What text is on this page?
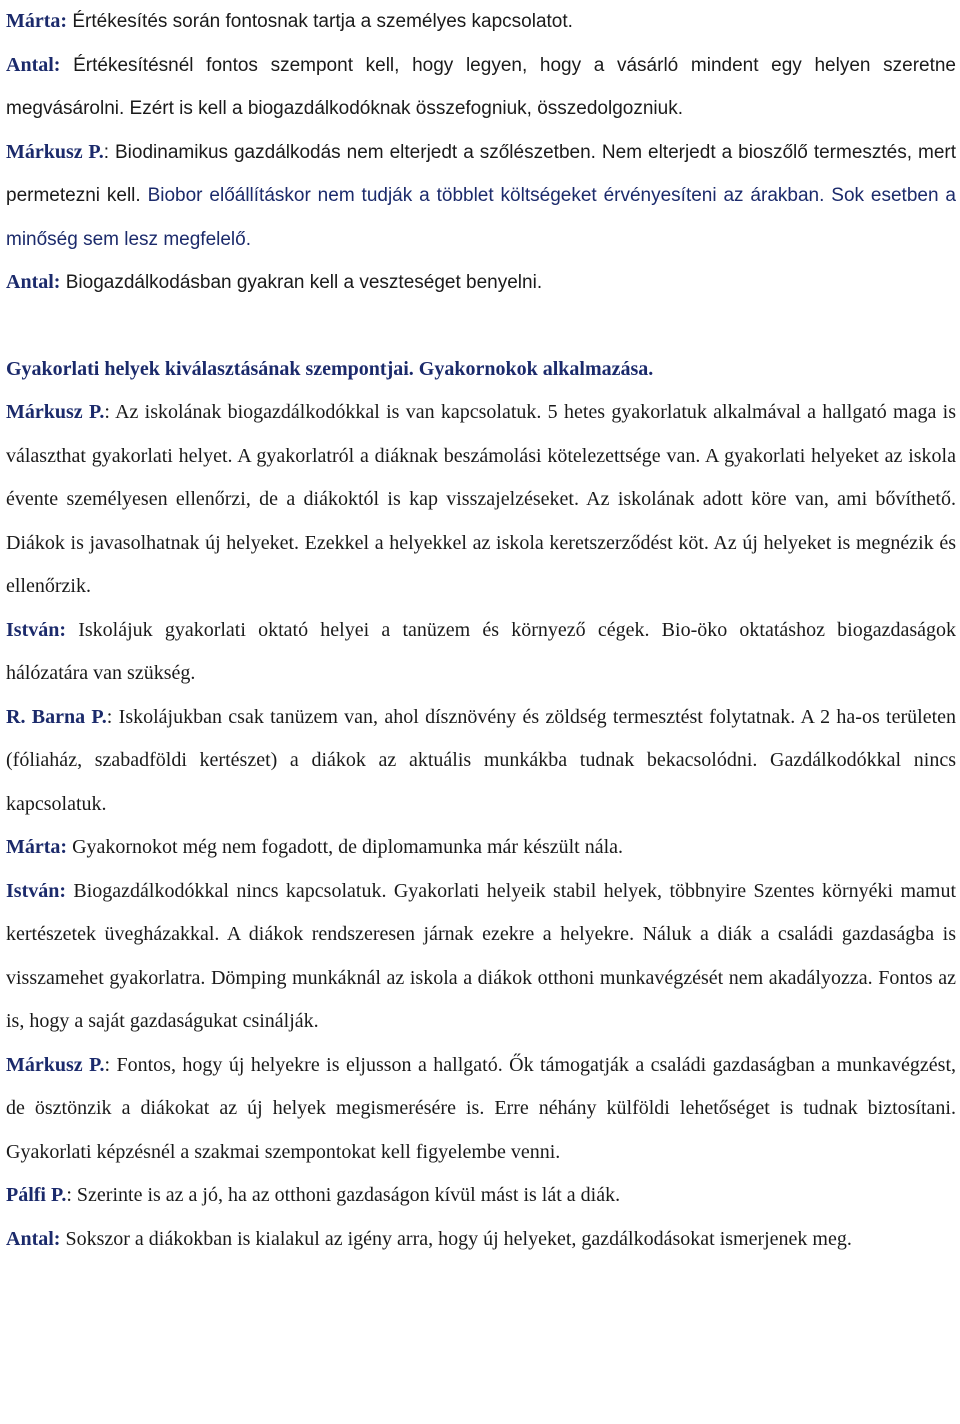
Márta: Értékesítés során fontosnak tartja a személyes kapcsolatot.

Antal: Értékesítésnél fontos szempont kell, hogy legyen, hogy a vásárló mindent egy helyen szeretne megvásárolni. Ezért is kell a biogazdálkodóknak összefogniuk, összedolgozniuk.

Márkusz P.: Biodinamikus gazdálkodás nem elterjedt a szőlészetben. Nem elterjedt a bioszőlő termesztés, mert permetezni kell. Biobor előállításkor nem tudják a többlet költségeket érvényesíteni az árakban. Sok esetben a minőség sem lesz megfelelő.

Antal: Biogazdálkodásban gyakran kell a veszteséget benyelni.

Gyakorlati helyek kiválasztásának szempontjai. Gyakornokok alkalmazása.

Márkusz P.: Az iskolának biogazdálkodókkal is van kapcsolatuk. 5 hetes gyakorlatuk alkalmával a hallgató maga is választhat gyakorlati helyet. A gyakorlatról a diáknak beszámolási kötelezettsége van. A gyakorlati helyeket az iskola évente személyesen ellenőrzi, de a diákoktól is kap visszajelzéseket. Az iskolának adott köre van, ami bővíthető. Diákok is javasolhatnak új helyeket. Ezekkel a helyekkel az iskola keretszerződést köt. Az új helyeket is megnézik és ellenőrzik.

István: Iskolájuk gyakorlati oktató helyei a tanüzem és környező cégek. Bio-öko oktatáshoz biogazdaságok hálózatára van szükség.

R. Barna P.: Iskolájukban csak tanüzem van, ahol dísznövény és zöldség termesztést folytatnak. A 2 ha-os területen (fóliaház, szabadföldi kertészet) a diákok az aktuális munkákba tudnak bekacsolódni. Gazdálkodókkal nincs kapcsolatuk.

Márta: Gyakornokot még nem fogadott, de diplomamunka már készült nála.

István: Biogazdálkodókkal nincs kapcsolatuk. Gyakorlati helyeik stabil helyek, többnyire Szentes környéki mamut kertészetek üvegházakkal. A diákok rendszeresen járnak ezekre a helyekre. Náluk a diák a családi gazdaságba is visszamehet gyakorlatra. Dömping munkáknál az iskola a diákok otthoni munkavégzését nem akadályozza. Fontos az is, hogy a saját gazdaságukat csinálják.

Márkusz P.: Fontos, hogy új helyekre is eljusson a hallgató. Ők támogatják a családi gazdaságban a munkavégzést, de ösztönzik a diákokat az új helyek megismerésére is. Erre néhány külföldi lehetőséget is tudnak biztosítani. Gyakorlati képzésnél a szakmai szempontokat kell figyelembe venni.

Pálfi P.: Szerinte is az a jó, ha az otthoni gazdaságon kívül mást is lát a diák.

Antal: Sokszor a diákokban is kialakul az igény arra, hogy új helyeket, gazdálkodásokat ismerjenek meg.
